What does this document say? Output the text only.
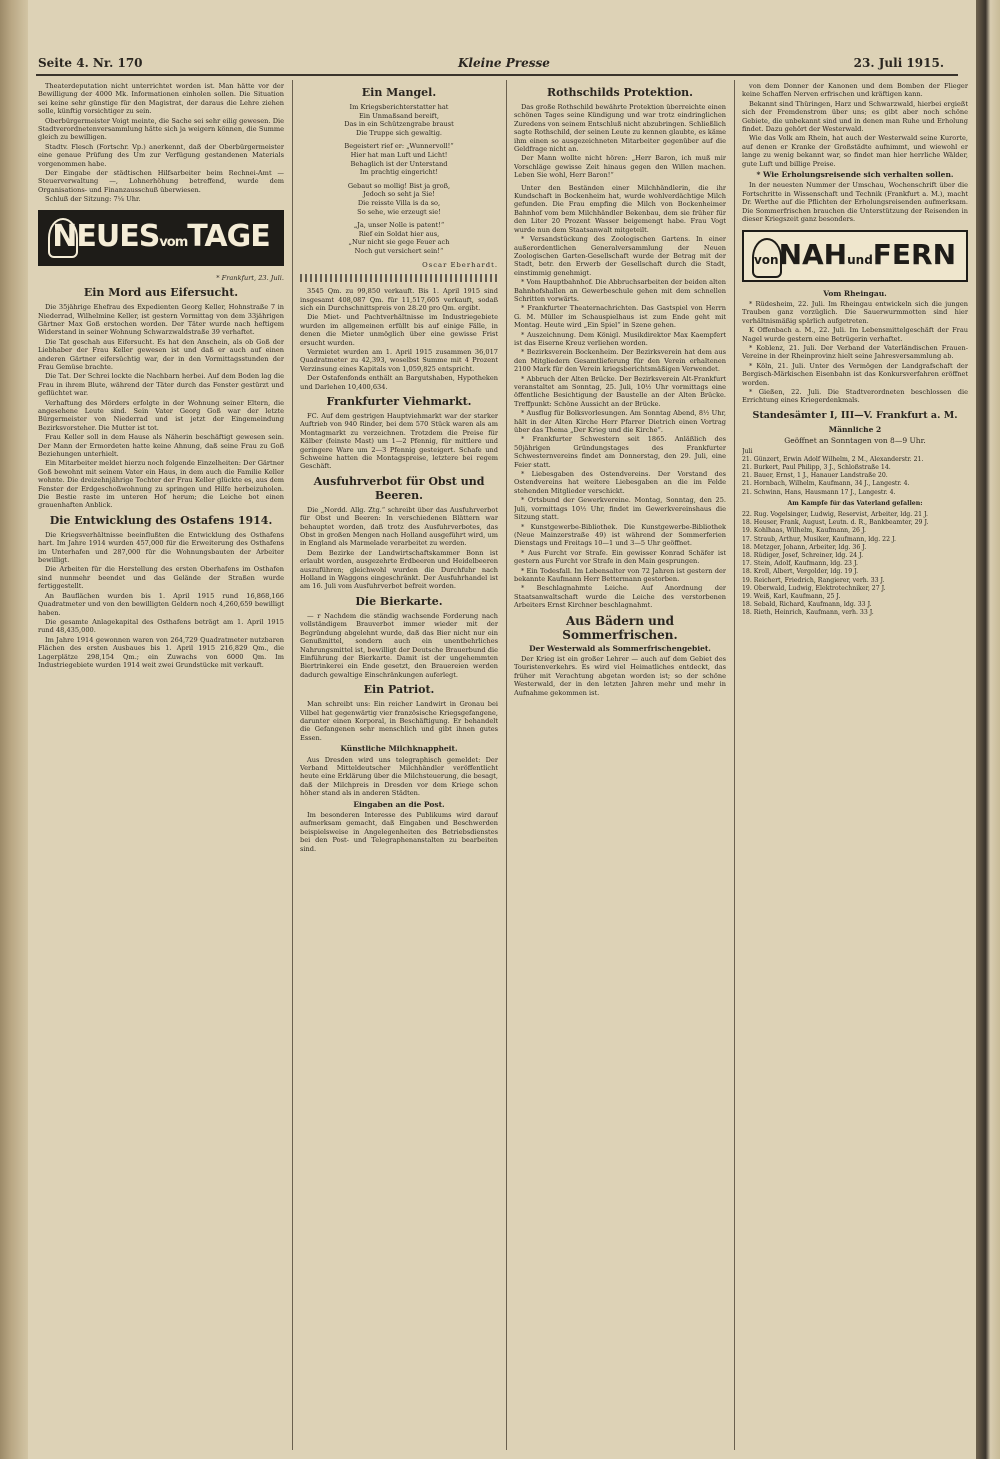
Seite 4. Nr. 170	Kleine Presse	23. Juli 1915.

Theaterdeputation nicht unterrichtet worden ist. Man hätte vor der Bewilligung der 4000 Mk. Informationen einholen sollen. Die Situation sei keine sehr günstige für den Magistrat, der daraus die Lehre ziehen solle, künftig vorsichtiger zu sein.

Oberbürgermeister Voigt meinte, die Sache sei sehr eilig gewesen. Die Stadtverordnetenversammlung hätte sich ja weigern können, die Summe gleich zu bewilligen.

Stadtv. Flesch (Fortschr. Vp.) anerkennt, daß der Oberbürgermeister eine genaue Prüfung des Um zur Verfügung gestandenen Materials vorgenommen habe.

Der Eingabe der städtischen Hilfsarbeiter beim Rechnei-Amt — Steuerverwaltung —, Lohnerhöhung betreffend, wurde dem Organisations- und Finanzausschuß überwiesen.

Schluß der Sitzung: 7¼ Uhr.

NEUESvomTAGE
* Frankfurt, 23. Juli.
Ein Mord aus Eifersucht.

Die 35jährige Ehefrau des Expedienten Georg Keller, Hohnstraße 7 in Niederrad, Wilhelmine Keller, ist gestern Vormittag von dem 33jährigen Gärtner Max Goß erstochen worden. Der Täter wurde nach heftigem Widerstand in seiner Wohnung Schwarzwaldstraße 39 verhaftet.

Die Tat geschah aus Eifersucht. Es hat den Anschein, als ob Goß der Liebhaber der Frau Keller gewesen ist und daß er auch auf einen anderen Gärtner eifersüchtig war, der in den Vormittagsstunden der Frau Gemüse brachte.

Die Tat. Der Schrei lockte die Nachbarn herbei. Auf dem Boden lag die Frau in ihrem Blute, während der Täter durch das Fenster gestürzt und geflüchtet war.

Verhaftung des Mörders erfolgte in der Wohnung seiner Eltern, die angesehene Leute sind. Sein Vater Georg Goß war der letzte Bürgermeister von Niederrad und ist jetzt der Eingemeindung Bezirksvorsteher. Die Mutter ist tot.

Frau Keller soll in dem Hause als Näherin beschäftigt gewesen sein. Der Mann der Ermordeten hatte keine Ahnung, daß seine Frau zu Goß Beziehungen unterhielt.

Ein Mitarbeiter meldet hierzu noch folgende Einzelheiten: Der Gärtner Goß bewohnt mit seinem Vater ein Haus, in dem auch die Familie Keller wohnte. Die dreizehnjährige Tochter der Frau Keller glückte es, aus dem Fenster der Erdgeschoßwohnung zu springen und Hilfe herbeizuholen. Die Bestie raste im unteren Hof herum; die Leiche bot einen grauenhaften Anblick.

Die Entwicklung des Ostafens 1914.

Die Kriegsverhältnisse beeinflußten die Entwicklung des Osthafens hart. Im Jahre 1914 wurden 457,000 für die Erweiterung des Osthafens im Unterhafen und 287,000 für die Wohnungsbauten der Arbeiter bewilligt.

Die Arbeiten für die Herstellung des ersten Oberhafens im Osthafen sind nunmehr beendet und das Gelände der Straßen wurde fertiggestellt.

An Bauflächen wurden bis 1. April 1915 rund 16,868,166 Quadratmeter und von den bewilligten Geldern noch 4,260,659 bewilligt haben.

Die gesamte Anlagekapital des Osthafens beträgt am 1. April 1915 rund 48,435,000.

Im Jahre 1914 gewonnen waren von 264,729 Quadratmeter nutzbaren Flächen des ersten Ausbaues bis 1. April 1915 216,829 Qm., die Lagerplätze 298,154 Qm.; ein Zuwachs von 6000 Qm. Im Industriegebiete wurden 1914 weit zwei Grundstücke mit verkauft.

Ein Mangel.
Im Kriegsberichterstatter hat
Ein Unmaßsand bereift,
Das in ein Schützengrabe braust
Die Truppe sich gewaltig.
Begeistert rief er: „Wunnervoll!“
Hier hat man Luft und Licht!
Behaglich ist der Unterstand
Im prachtig eingericht!
Gebaut so mollig! Bist ja groß,
Jedoch so seht ja Sie!
Die reisste Villa is da so,
So sehe, wie erzeugt sie!
„Ja, unser Nolle is patent!“
Rief ein Soldat hier aus,
„Nur nicht sie gege Feuer ach
Noch gut versichert sein!“
Oscar Eberhardt.

3545 Qm. zu 99,850 verkauft. Bis 1. April 1915 sind insgesamt 408,087 Qm. für 11,517,605 verkauft, sodaß sich ein Durchschnittspreis von 28.20 pro Qm. ergibt.

Die Miet- und Pachtverhältnisse im Industriegebiete wurden im allgemeinen erfüllt bis auf einige Fälle, in denen die Mieter unmöglich über eine gewisse Frist ersucht wurden.

Vermietet wurden am 1. April 1915 zusammen 36,017 Quadratmeter zu 42,393, woselbst Summe mit 4 Prozent Verzinsung eines Kapitals von 1,059,825 entspricht.

Der Ostafenfonds enthält an Bargutshaben, Hypotheken und Darlehen 10,400,634.

Frankfurter Viehmarkt.

FC. Auf dem gestrigen Hauptviehmarkt war der starker Auftrieb von 940 Rinder, bei dem 570 Stück waren als am Montagmarkt zu verzeichnen. Trotzdem die Preise für Kälber (feinste Mast) um 1—2 Pfennig, für mittlere und geringere Ware um 2—3 Pfennig gesteigert. Schafe und Schweine hatten die Montagspreise, letztere bei regem Geschäft.

Ausfuhrverbot für Obst und Beeren.

Die „Nordd. Allg. Ztg.“ schreibt über das Ausfuhrverbot für Obst und Beeren: In verschiedenen Blättern war behauptet worden, daß trotz des Ausfuhrverbotes, das Obst in großen Mengen nach Holland ausgeführt wird, um in England als Marmelade verarbeitet zu werden.

Dem Bezirke der Landwirtschaftskammer Bonn ist erlaubt worden, ausgezehrte Erdbeeren und Heidelbeeren auszuführen; gleichwohl wurden die Durchfuhr nach Holland in Waggons eingeschränkt. Der Ausfuhrhandel ist am 16. Juli vom Ausfuhrverbot befreit worden.

Die Bierkarte.

— r Nachdem die ständig wachsende Forderung nach vollständigem Brauverbot immer wieder mit der Begründung abgelehnt wurde, daß das Bier nicht nur ein Genußmittel, sondern auch ein unentbehrliches Nahrungsmittel ist, bewilligt der Deutsche Brauerbund die Einführung der Bierkarte. Damit ist der ungehemmten Biertrinkerei ein Ende gesetzt, den Brauereien werden dadurch gewaltige Einschränkungen auferlegt.

Ein Patriot.

Man schreibt uns: Ein reicher Landwirt in Gronau bei Vilbel hat gegenwärtig vier französische Kriegsgefangene, darunter einen Korporal, in Beschäftigung. Er behandelt die Gefangenen sehr menschlich und gibt ihnen gutes Essen.

Künstliche Milchknappheit.

Aus Dresden wird uns telegraphisch gemeldet: Der Verband Mitteldeutscher Milchhändler veröffentlicht heute eine Erklärung über die Milchsteuerung, die besagt, daß der Milchpreis in Dresden vor dem Kriege schon höher stand als in anderen Städten.

Eingaben an die Post.

Im besonderen Interesse des Publikums wird darauf aufmerksam gemacht, daß Eingaben und Beschwerden beispielsweise in Angelegenheiten des Betriebsdienstes bei den Post- und Telegraphenanstalten zu bearbeiten sind.

Rothschilds Protektion.

Das große Rothschild bewährte Protektion überreichte einen schönen Tages seine Kündigung und war trotz eindringlichen Zuredens von seinem Entschluß nicht abzubringen. Schließlich sagte Rothschild, der seinen Leute zu kennen glaubte, es käme ihm einen so ausgezeichneten Mitarbeiter gegenüber auf die Geldfrage nicht an.

Der Mann wollte nicht hören: „Herr Baron, ich muß mir Vorschläge gewisse Zeit hinaus gegen den Willen machen. Leben Sie wohl, Herr Baron!“

Unter den Beständen einer Milchhändlerin, die ihr Kundschaft in Bockenheim hat, wurde wohlverdächtige Milch gefunden. Die Frau empfing die Milch von Bockenheimer Bahnhof vom bem Milchhändler Bekenbau, dem sie früher für den Liter 20 Prozent Wasser beigemengt habe. Frau Vogt wurde nun dem Staatsanwalt mitgeteilt.

* Versandstückung des Zoologischen Gartens. In einer außerordentlichen Generalversammlung der Neuen Zoologischen Garten-Gesellschaft wurde der Betrag mit der Stadt, betr. den Erwerb der Gesellschaft durch die Stadt, einstimmig genehmigt.

* Vom Hauptbahnhof. Die Abbruchsarbeiten der beiden alten Bahnhofshallen an Gewerbeschule gehen mit dem schnellen Schritten vorwärts.

* Frankfurter Theaternachrichten. Das Gastspiel von Herrn G. M. Müller im Schauspielhaus ist zum Ende geht mit Montag. Heute wird „Ein Spiel“ in Szene gehen.

* Auszeichnung. Dem Königl. Musikdirektor Max Kaempfert ist das Eiserne Kreuz verliehen worden.

* Bezirksverein Bockenheim. Der Bezirksverein hat dem aus den Mitgliedern Gesamtlieferung für den Verein erhaltenen 2100 Mark für den Verein kriegsberichtsmäßigen Verwendet.

* Abbruch der Alten Brücke. Der Bezirksverein Alt-Frankfurt veranstaltet am Sonntag, 25. Juli, 10½ Uhr vormittags eine öffentliche Besichtigung der Baustelle an der Alten Brücke. Treffpunkt: Schöne Aussicht an der Brücke.

* Ausflug für Bolksvorlesungen. Am Sonntag Abend, 8½ Uhr, hält in der Alten Kirche Herr Pfarrer Dietrich einen Vortrag über das Thema „Der Krieg und die Kirche“.

* Frankfurter Schwestern seit 1865. Anläßlich des 50jährigen Gründungstages des Frankfurter Schwesternvereins findet am Donnerstag, den 29. Juli, eine Feier statt.

* Liebesgaben des Ostendvereins. Der Vorstand des Ostendvereins hat weitere Liebesgaben an die im Felde stehenden Mitglieder verschickt.

* Ortsbund der Gewerkvereine. Montag, Sonntag, den 25. Juli, vormittags 10½ Uhr, findet im Gewerkvereinshaus die Sitzung statt.

* Kunstgewerbe-Bibliothek. Die Kunstgewerbe-Bibliothek (Neue Mainzerstraße 49) ist während der Sommerferien Dienstags und Freitags 10—1 und 3—5 Uhr geöffnet.

* Aus Furcht vor Strafe. Ein gewisser Konrad Schäfer ist gestern aus Furcht vor Strafe in den Main gesprungen.

* Ein Todesfall. Im Lebensalter von 72 Jahren ist gestern der bekannte Kaufmann Herr Bettermann gestorben.

* Beschlagnahmte Leiche. Auf Anordnung der Staatsanwaltschaft wurde die Leiche des verstorbenen Arbeiters Ernst Kirchner beschlagnahmt.

Aus Bädern und Sommerfrischen.
Der Westerwald als Sommerfrischengebiet.

Der Krieg ist ein großer Lehrer — auch auf dem Gebiet des Touristenverkehrs. Es wird viel Heimatliches entdeckt, das früher mit Verachtung abgetan worden ist; so der schöne Westerwald, der in den letzten Jahren mehr und mehr in Aufnahme gekommen ist.

von dem Donner der Kanonen und dem Bomben der Flieger keine Schaffen Nerven erfrischen und kräftigen kann.

Bekannt sind Thüringen, Harz und Schwarzwald, hierbei ergießt sich der Fremdenstrom über uns; es gibt aber noch schöne Gebiete, die unbekannt sind und in denen man Ruhe und Erholung findet. Dazu gehört der Westerwald.

Wie das Volk am Rhein, hat auch der Westerwald seine Kurorte, auf denen er Kranke der Großstädte aufnimmt, und wiewohl er lange zu wenig bekannt war, so findet man hier herrliche Wälder, gute Luft und billige Preise.

* Wie Erholungsreisende sich verhalten sollen.

In der neuesten Nummer der Umschau, Wochenschrift über die Fortschritte in Wissenschaft und Technik (Frankfurt a. M.), macht Dr. Werthe auf die Pflichten der Erholungsreisenden aufmerksam. Die Sommerfrischen brauchen die Unterstützung der Reisenden in dieser Kriegszeit ganz besonders.

vonNAHundFERN
Vom Rheingau.

* Rüdesheim, 22. Juli. Im Rheingau entwickeln sich die jungen Trauben ganz vorzüglich. Die Sauerwurmmotten sind hier verhältnismäßig spärlich aufgetreten.

K Offenbach a. M., 22. Juli. Im Lebensmittelgeschäft der Frau Nagel wurde gestern eine Betrügerin verhaftet.

* Koblenz, 21. Juli. Der Verband der Vaterländischen Frauen-Vereine in der Rheinprovinz hielt seine Jahresversammlung ab.

* Köln, 21. Juli. Unter des Vermögen der Landgrafschaft der Bergisch-Märkischen Eisenbahn ist das Konkursverfahren eröffnet worden.

* Gießen, 22. Juli. Die Stadtverordneten beschlossen die Errichtung eines Kriegerdenkmals.

Standesämter I, III—V. Frankfurt a. M.
Männliche 2
Geöffnet an Sonntagen von 8—9 Uhr.
Juli
21. Günzert, Erwin Adolf Wilhelm, 2 M., Alexanderstr. 21.
21. Burkert, Paul Philipp, 3 J., Schloßstraße 14.
21. Bauer, Ernst, 1 J., Hanauer Landstraße 20.
21. Hornbach, Wilhelm, Kaufmann, 34 J., Langestr. 4.
21. Schwinn, Hans, Hausmann 17 J., Langestr. 4.
Am Kampfe für das Vaterland gefallen:
22. Rug. Vogelsinger, Ludwig, Reservist, Arbeiter, ldg. 21 J.
18. Heuser, Frank, August, Leutn. d. R., Bankbeamter, 29 J.
19. Kohlhaas, Wilhelm, Kaufmann, 26 J.
17. Straub, Arthur, Musiker, Kaufmann, ldg. 22 J.
18. Metzger, Johann, Arbeiter, ldg. 36 J.
18. Rüdiger, Josef, Schreiner, ldg. 24 J.
17. Stein, Adolf, Kaufmann, ldg. 23 J.
18. Kroll, Albert, Vergolder, ldg. 19 J.
19. Reichert, Friedrich, Rangierer, verh. 33 J.
19. Oberwald, Ludwig, Elektrotechniker, 27 J.
19. Weiß, Karl, Kaufmann, 25 J.
18. Sebald, Richard, Kaufmann, ldg. 33 J.
18. Rieth, Heinrich, Kaufmann, verh. 33 J.
